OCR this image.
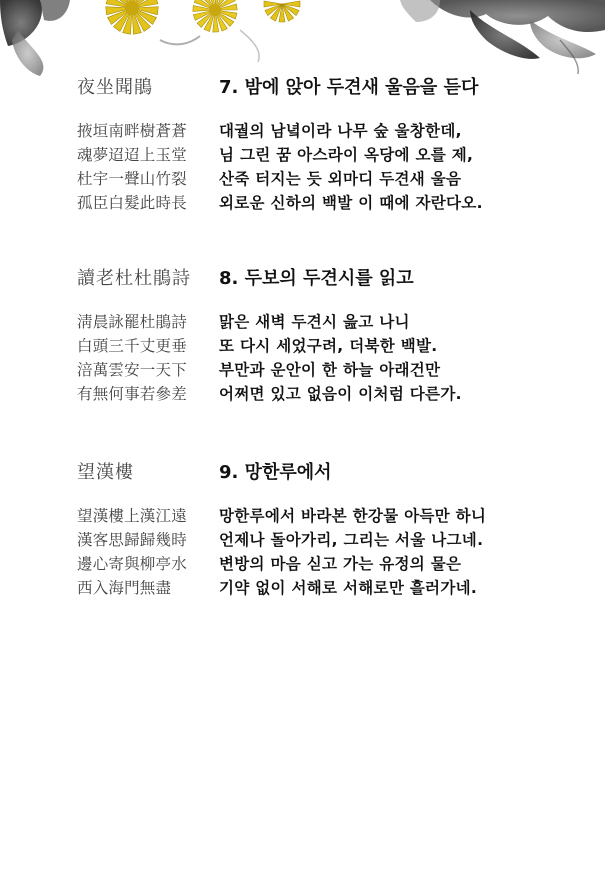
夜坐聞鵑	7. 밤에 앉아 두견새 울음을 듣다
掖垣南畔樹蒼蒼 대궐의 남녘이라 나무 숲 울창한데,
魂夢迢迢上玉堂 님 그린 꿈 아스라이 옥당에 오를 제,
杜宇一聲山竹裂 산죽 터지는 듯 외마디 두견새 울음
孤臣白髮此時長 외로운 신하의 백발 이 때에 자란다오.
讀老杜杜鵑詩 8. 두보의 두견시를 읽고
淸晨詠罷杜鵑詩 맑은 새벽 두견시 읊고 나니
白頭三千丈更垂 또 다시 세었구려, 더북한 백발.
涪萬雲安一天下 부만과 운안이 한 하늘 아래건만
有無何事若參差 어쩌면 있고 없음이 이처럼 다른가.
望漢樓	9. 망한루에서
望漢樓上漢江遠 망한루에서 바라본 한강물 아득만 하니
漢客思歸歸幾時 언제나 돌아가리, 그리는 서울 나그네.
邊心寄與柳亭水 변방의 마음 싣고 가는 유정의 물은
西入海門無盡	기약 없이 서해로 서해로만 흘러가네.
